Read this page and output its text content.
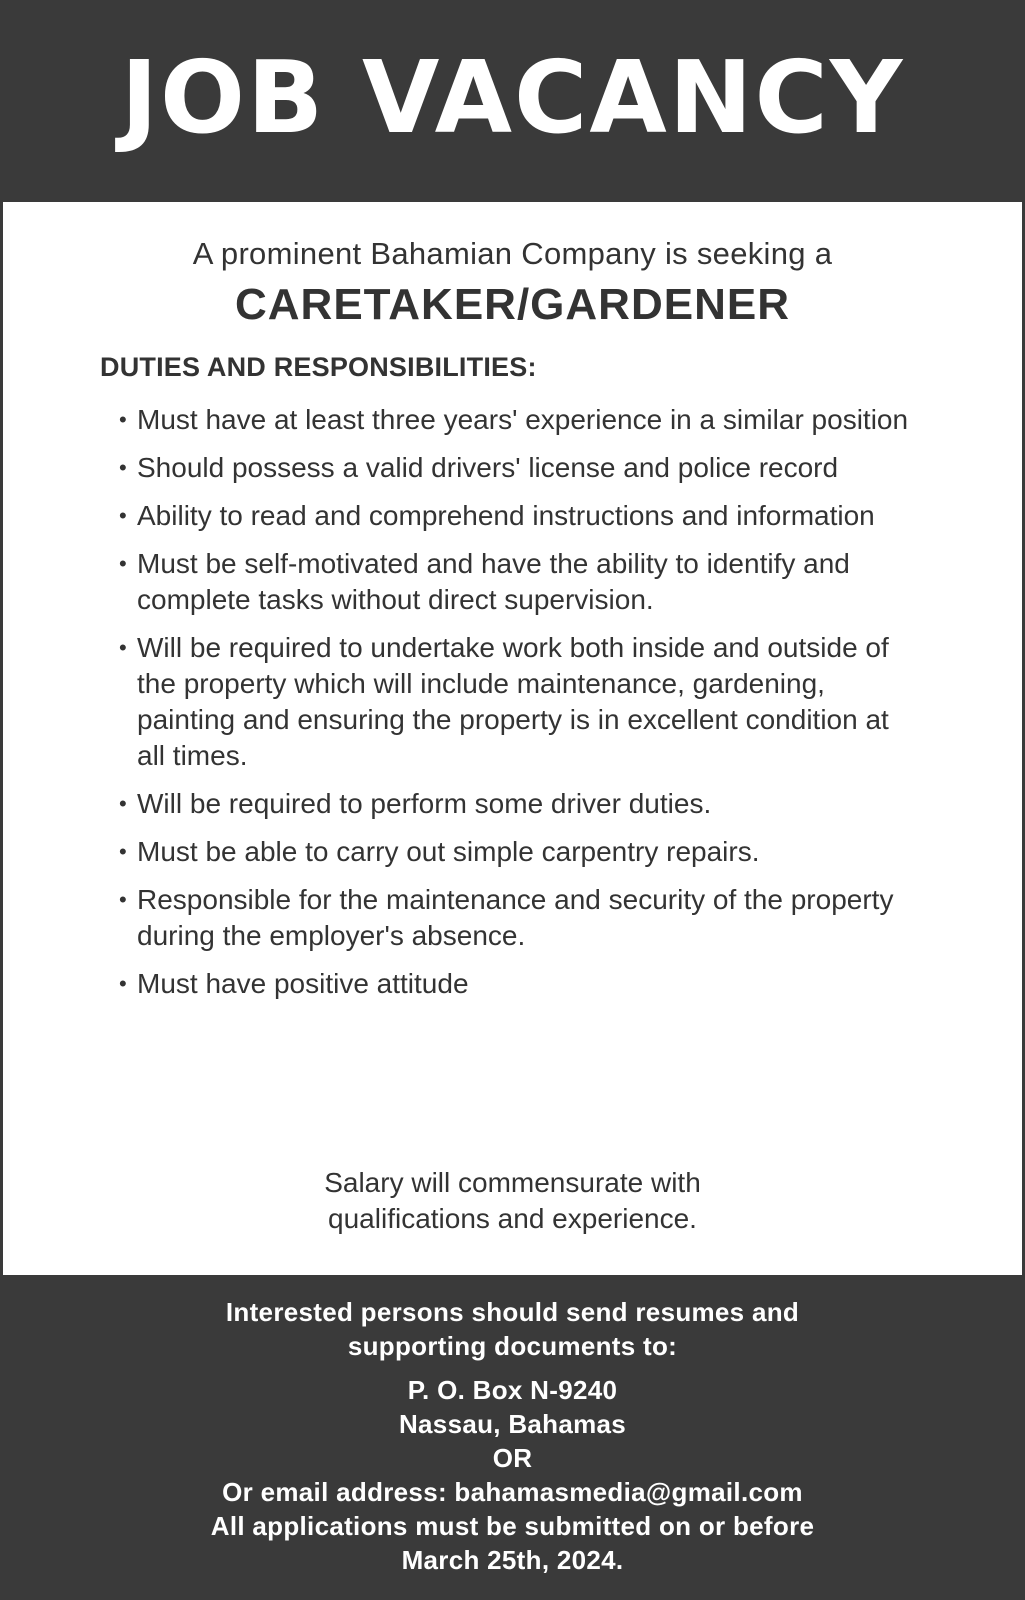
JOB VACANCY
A prominent Bahamian Company is seeking a
CARETAKER/GARDENER
DUTIES AND RESPONSIBILITIES:
• Must have at least three years' experience in a similar position
• Should possess a valid drivers' license and police record
• Ability to read and comprehend instructions and information
• Must be self-motivated and have the ability to identify and complete tasks without direct supervision.
• Will be required to undertake work both inside and outside of the property which will include maintenance, gardening, painting and ensuring the property is in excellent condition at all times.
• Will be required to perform some driver duties.
• Must be able to carry out simple carpentry repairs.
• Responsible for the maintenance and security of the property during the employer's absence.
• Must have positive attitude
Salary will commensurate with
qualifications and experience.
Interested persons should send resumes and
supporting documents to:
P. O. Box N-9240
Nassau, Bahamas
OR
Or email address: bahamasmedia@gmail.com
All applications must be submitted on or before
March 25th, 2024.
